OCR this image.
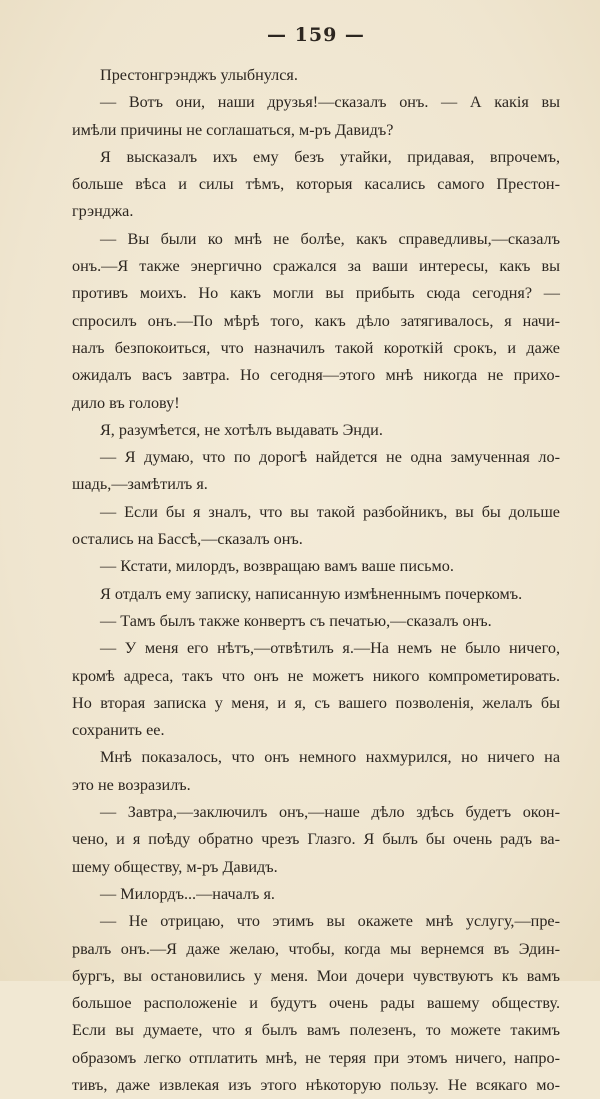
— 159 —
Престонгрэнджъ улыбнулся.
— Вотъ они, наши друзья!—сказалъ онъ. — А какія вы
имѣли причины не соглашаться, м-ръ Давидъ?
Я высказалъ ихъ ему безъ утайки, придавая, впрочемъ,
больше вѣса и силы тѣмъ, которыя касались самого Престон-
грэнджа.
— Вы были ко мнѣ не болѣе, какъ справедливы,—сказалъ
онъ.—Я также энергично сражался за ваши интересы, какъ вы
противъ моихъ. Но какъ могли вы прибыть сюда сегодня? —
спросилъ онъ.—По мѣрѣ того, какъ дѣло затягивалось, я начи-
налъ безпокоиться, что назначилъ такой короткій срокъ, и даже
ожидалъ васъ завтра. Но сегодня—этого мнѣ никогда не прихо-
дило въ голову!
Я, разумѣется, не хотѣлъ выдавать Энди.
— Я думаю, что по дорогѣ найдется не одна замученная ло-
шадь,—замѣтилъ я.
— Если бы я зналъ, что вы такой разбойникъ, вы бы дольше
остались на Бассѣ,—сказалъ онъ.
— Кстати, милордъ, возвращаю вамъ ваше письмо.
Я отдалъ ему записку, написанную измѣненнымъ почеркомъ.
— Тамъ былъ также конвертъ съ печатью,—сказалъ онъ.
— У меня его нѣтъ,—отвѣтилъ я.—На немъ не было ничего,
кромѣ адреса, такъ что онъ не можетъ никого компрометировать.
Но вторая записка у меня, и я, съ вашего позволенія, желалъ бы
сохранить ее.
Мнѣ показалось, что онъ немного нахмурился, но ничего на
это не возразилъ.
— Завтра,—заключилъ онъ,—наше дѣло здѣсь будетъ окон-
чено, и я поѣду обратно чрезъ Глазго. Я былъ бы очень радъ ва-
шему обществу, м-ръ Давидъ.
— Милордъ...—началъ я.
— Не отрицаю, что этимъ вы окажете мнѣ услугу,—пре-
рвалъ онъ.—Я даже желаю, чтобы, когда мы вернемся въ Эдин-
бургъ, вы остановились у меня. Мои дочери чувствуютъ къ вамъ
большое расположеніе и будутъ очень рады вашему обществу.
Если вы думаете, что я былъ вамъ полезенъ, то можете такимъ
образомъ легко отплатить мнѣ, не теряя при этомъ ничего, напро-
тивъ, даже извлекая изъ этого нѣкоторую пользу. Не всякаго мо-
